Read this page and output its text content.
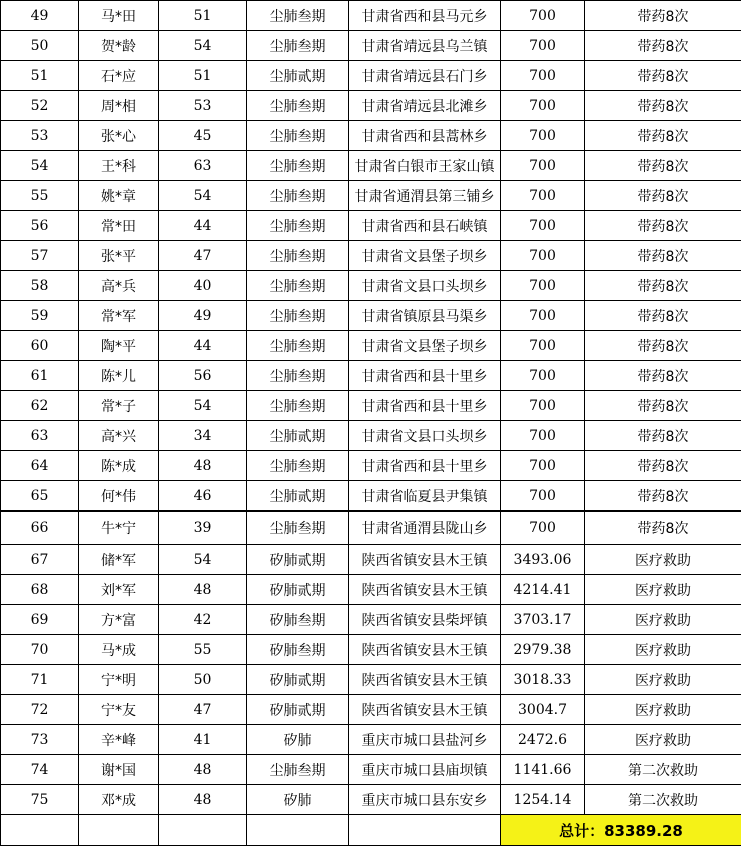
49	马*田	51	尘肺叁期	甘肃省西和县马元乡	700	带药8次
50	贺*龄	54	尘肺叁期	甘肃省靖远县乌兰镇	700	带药8次
51	石*应	51	尘肺贰期	甘肃省靖远县石门乡	700	带药8次
52	周*相	53	尘肺叁期	甘肃省靖远县北滩乡	700	带药8次
53	张*心	45	尘肺叁期	甘肃省西和县蒿林乡	700	带药8次
54	王*科	63	尘肺叁期	甘肃省白银市王家山镇	700	带药8次
55	姚*章	54	尘肺叁期	甘肃省通渭县第三铺乡	700	带药8次
56	常*田	44	尘肺叁期	甘肃省西和县石峡镇	700	带药8次
57	张*平	47	尘肺叁期	甘肃省文县堡子坝乡	700	带药8次
58	高*兵	40	尘肺叁期	甘肃省文县口头坝乡	700	带药8次
59	常*军	49	尘肺叁期	甘肃省镇原县马渠乡	700	带药8次
60	陶*平	44	尘肺叁期	甘肃省文县堡子坝乡	700	带药8次
61	陈*儿	56	尘肺叁期	甘肃省西和县十里乡	700	带药8次
62	常*子	54	尘肺叁期	甘肃省西和县十里乡	700	带药8次
63	高*兴	34	尘肺贰期	甘肃省文县口头坝乡	700	带药8次
64	陈*成	48	尘肺叁期	甘肃省西和县十里乡	700	带药8次
65	何*伟	46	尘肺贰期	甘肃省临夏县尹集镇	700	带药8次
66	牛*宁	39	尘肺叁期	甘肃省通渭县陇山乡	700	带药8次
67	储*军	54	矽肺贰期	陕西省镇安县木王镇	3493.06	医疗救助
68	刘*军	48	矽肺贰期	陕西省镇安县木王镇	4214.41	医疗救助
69	方*富	42	矽肺叁期	陕西省镇安县柴坪镇	3703.17	医疗救助
70	马*成	55	矽肺叁期	陕西省镇安县木王镇	2979.38	医疗救助
71	宁*明	50	矽肺贰期	陕西省镇安县木王镇	3018.33	医疗救助
72	宁*友	47	矽肺贰期	陕西省镇安县木王镇	3004.7	医疗救助
73	辛*峰	41	矽肺	重庆市城口县盐河乡	2472.6	医疗救助
74	谢*国	48	尘肺叁期	重庆市城口县庙坝镇	1141.66	第二次救助
75	邓*成	48	矽肺	重庆市城口县东安乡	1254.14	第二次救助
					总计：83389.28	
